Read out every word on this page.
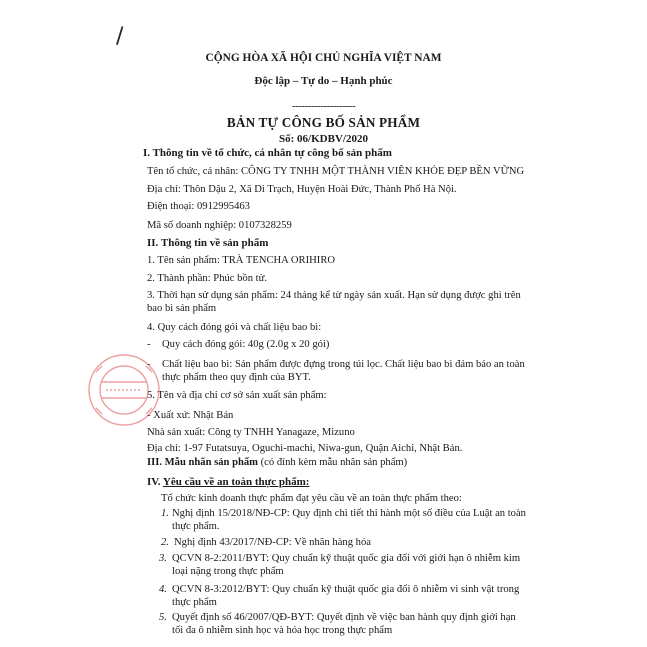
/
CỘNG HÒA XÃ HỘI CHỦ NGHĨA VIỆT NAM
Độc lập – Tự do – Hạnh phúc
--------------------
BẢN TỰ CÔNG BỐ SẢN PHẨM
Số: 06/KDBV/2020
I. Thông tin về tổ chức, cá nhân tự công bố sản phẩm
Tên tổ chức, cá nhân: CÔNG TY TNHH MỘT THÀNH VIÊN KHỎE ĐẸP BỀN VỮNG
Địa chỉ: Thôn Dậu 2, Xã Di Trạch, Huyện Hoài Đức, Thành Phố Hà Nội.
Điện thoại: 0912995463
Mã số doanh nghiệp: 0107328259
II. Thông tin về sản phẩm
1. Tên sản phẩm: TRÀ TENCHA ORIHIRO
2. Thành phần: Phúc bồn tử.
3. Thời hạn sử dụng sản phẩm: 24 tháng kể từ ngày sản xuất. Hạn sử dụng được ghi trên
bao bì sản phẩm
4. Quy cách đóng gói và chất liệu bao bì:
- Quy cách đóng gói: 40g (2.0g x 20 gói)
- Chất liệu bao bì: Sản phẩm được đựng trong túi lọc. Chất liệu bao bì đảm bảo an toàn
thực phẩm theo quy định của BYT.
5. Tên và địa chỉ cơ sở sản xuất sản phẩm:
- Xuất xứ: Nhật Bản
Nhà sản xuất: Công ty TNHH Yanagaze, Mizuno
Địa chỉ: 1-97 Futatsuya, Oguchi-machi, Niwa-gun, Quận Aichi, Nhật Bản.
III. Mẫu nhãn sản phẩm (có đính kèm mẫu nhãn sản phẩm)
IV. Yêu cầu về an toàn thực phẩm:
Tổ chức kinh doanh thực phẩm đạt yêu cầu về an toàn thực phẩm theo:
1. Nghị định 15/2018/NĐ-CP: Quy định chi tiết thi hành một số điều của Luật an toàn
thực phẩm.
2. Nghị định 43/2017/NĐ-CP: Về nhãn hàng hóa
3. QCVN 8-2:2011/BYT: Quy chuẩn kỹ thuật quốc gia đối với giới hạn ô nhiễm kim
loại nặng trong thực phẩm
4. QCVN 8-3:2012/BYT: Quy chuẩn kỹ thuật quốc gia đối ô nhiễm vi sinh vật trong
thực phẩm
5. Quyết định số 46/2007/QĐ-BYT: Quyết định về việc ban hành quy định giới hạn
tối đa ô nhiễm sinh học và hóa học trong thực phẩm
